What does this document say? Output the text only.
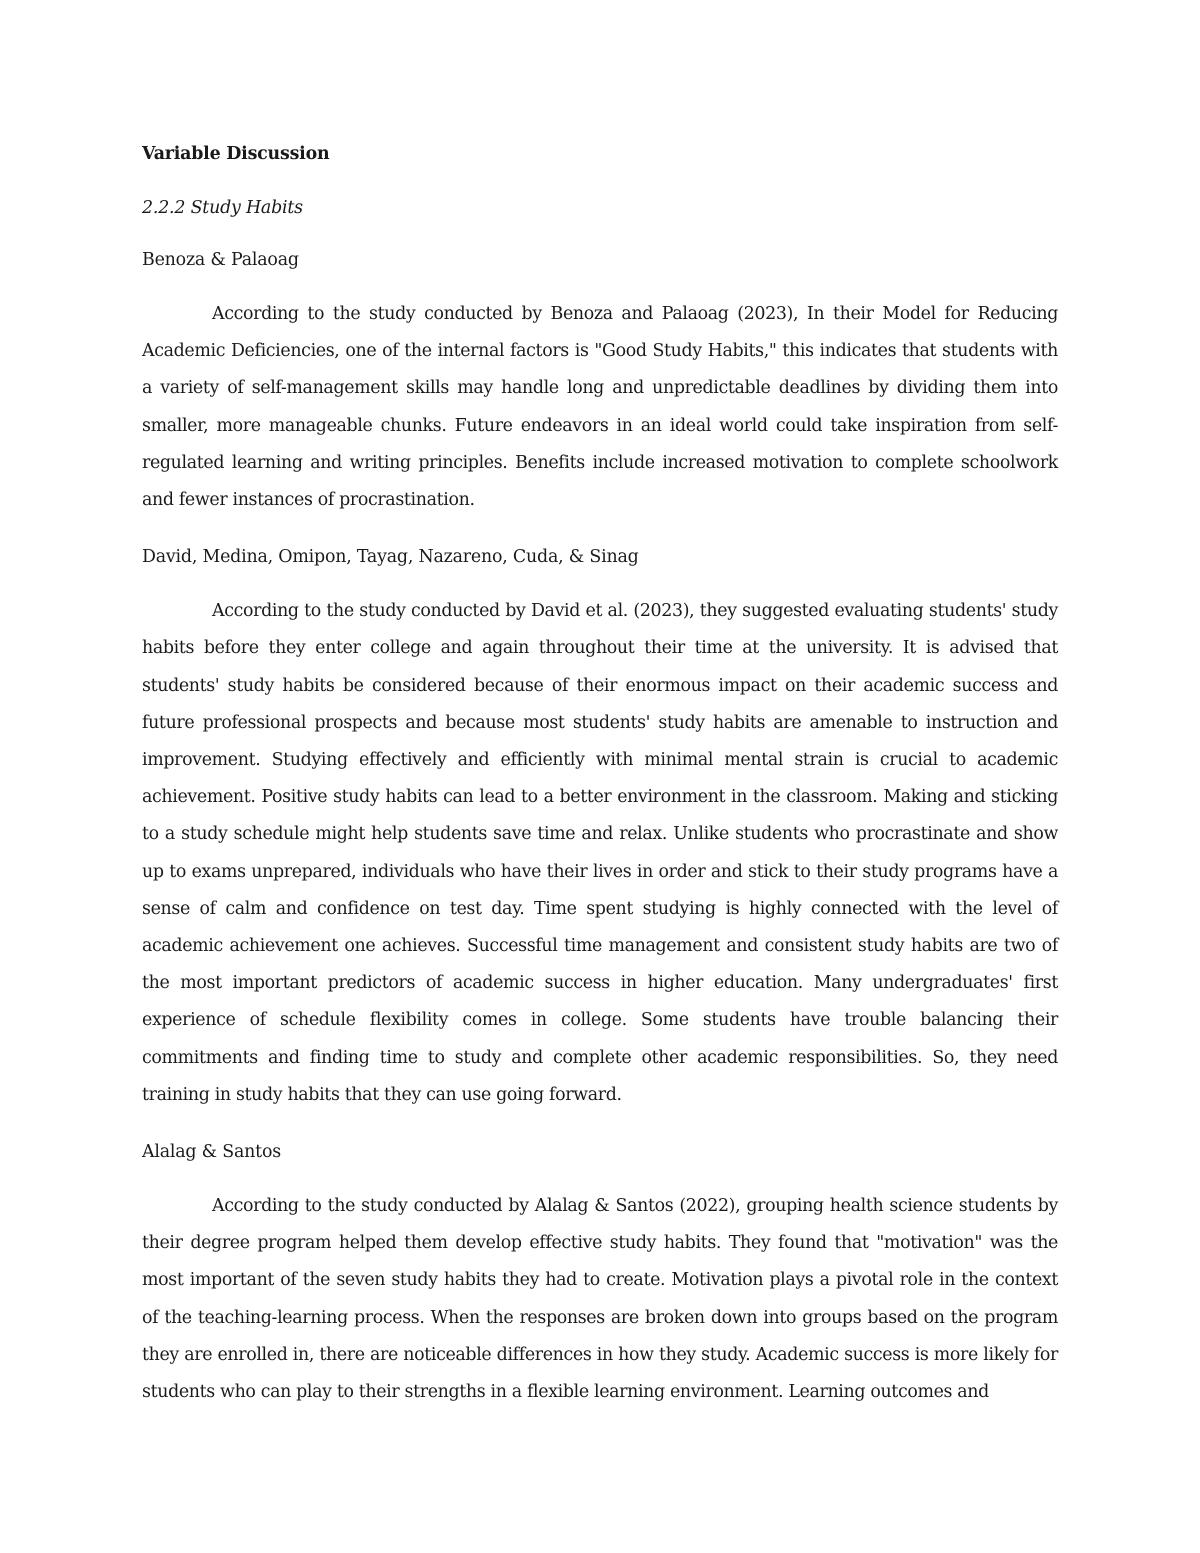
Variable Discussion

2.2.2 Study Habits

Benoza & Palaoag

According to the study conducted by Benoza and Palaoag (2023), In their Model for Reducing Academic Deficiencies, one of the internal factors is "Good Study Habits," this indicates that students with a variety of self-management skills may handle long and unpredictable deadlines by dividing them into smaller, more manageable chunks. Future endeavors in an ideal world could take inspiration from self-regulated learning and writing principles. Benefits include increased motivation to complete schoolwork and fewer instances of procrastination.

David, Medina, Omipon, Tayag, Nazareno, Cuda, & Sinag

According to the study conducted by David et al. (2023), they suggested evaluating students' study habits before they enter college and again throughout their time at the university. It is advised that students' study habits be considered because of their enormous impact on their academic success and future professional prospects and because most students' study habits are amenable to instruction and improvement. Studying effectively and efficiently with minimal mental strain is crucial to academic achievement. Positive study habits can lead to a better environment in the classroom. Making and sticking to a study schedule might help students save time and relax. Unlike students who procrastinate and show up to exams unprepared, individuals who have their lives in order and stick to their study programs have a sense of calm and confidence on test day. Time spent studying is highly connected with the level of academic achievement one achieves. Successful time management and consistent study habits are two of the most important predictors of academic success in higher education. Many undergraduates' first experience of schedule flexibility comes in college. Some students have trouble balancing their commitments and finding time to study and complete other academic responsibilities. So, they need training in study habits that they can use going forward.

Alalag & Santos

According to the study conducted by Alalag & Santos (2022), grouping health science students by their degree program helped them develop effective study habits. They found that "motivation" was the most important of the seven study habits they had to create. Motivation plays a pivotal role in the context of the teaching-learning process. When the responses are broken down into groups based on the program they are enrolled in, there are noticeable differences in how they study. Academic success is more likely for students who can play to their strengths in a flexible learning environment. Learning outcomes and
